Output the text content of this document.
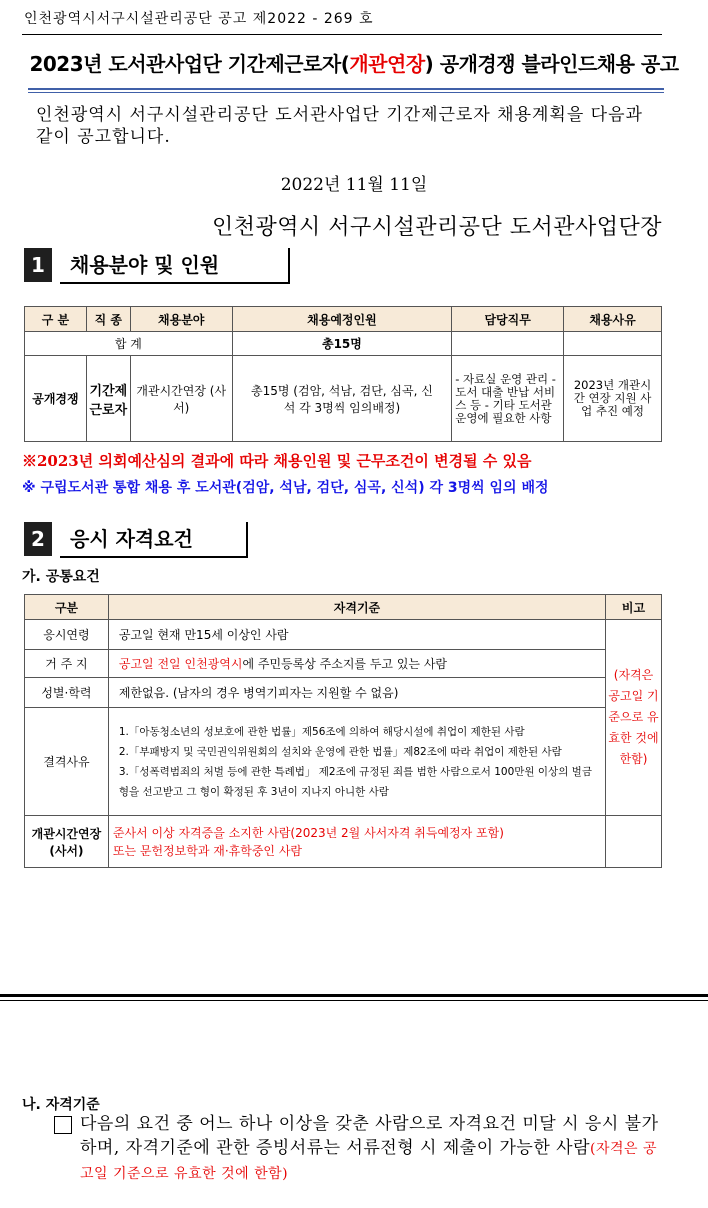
인천광역시서구시설관리공단 공고 제2022 - 269 호
2023년 도서관사업단 기간제근로자(개관연장) 공개경쟁 블라인드채용 공고
인천광역시 서구시설관리공단 도서관사업단 기간제근로자 채용계획을 다음과 같이 공고합니다.
2022년 11월 11일
인천광역시 서구시설관리공단 도서관사업단장
1	채용분야 및 인원
구 분	직 종	채용분야	채용예정인원	담당직무	채용사유
합 계			총15명		
공개경쟁	기간제 근로자	개관시간연장 (사서)	총15명 (검암, 석남, 검단, 심곡, 신석 각 3명씩 임의배정)	- 자료실 운영 관리 - 도서 대출 반납 서비스 등 - 기타 도서관 운영에 필요한 사항	2023년 개관시간 연장 지원 사업 추진 예정
※2023년 의회예산심의 결과에 따라 채용인원 및 근무조건이 변경될 수 있음
※ 구립도서관 통합 채용 후 도서관(검암, 석남, 검단, 심곡, 신석) 각 3명씩 임의 배정
2	응시 자격요건
가. 공통요건
구분	자격기준	비고
응시연령	공고일 현재 만15세 이상인 사람	(자격은 공고일 기준으로 유효한 것에 한함)
거 주 지	공고일 전일 인천광역시에 주민등록상 주소지를 두고 있는 사람	
성별·학력	제한없음. (남자의 경우 병역기피자는 지원할 수 없음)	
결격사유	1.「아동청소년의 성보호에 관한 법률」제56조에 의하여 해당시설에 취업이 제한된 사람
2.「부패방지 및 국민권익위원회의 설치와 운영에 관한 법률」제82조에 따라 취업이 제한된 사람
3.「성폭력범죄의 처벌 등에 관한 특례법」 제2조에 규정된 죄를 범한 사람으로서 100만원 이상의 벌금형을 선고받고 그 형이 확정된 후 3년이 지나지 아니한 사람	

개관시간연장 (사서)	준사서 이상 자격증을 소지한 사람(2023년 2월 사서자격 취득예정자 포함)
또는 문헌정보학과 재·휴학중인 사람	

나. 자격기준
다음의 요건 중 어느 하나 이상을 갖춘 사람으로 자격요건 미달 시 응시 불가하며, 자격기준에 관한 증빙서류는 서류전형 시 제출이 가능한 사람(자격은 공고일 기준으로 유효한 것에 한함)
